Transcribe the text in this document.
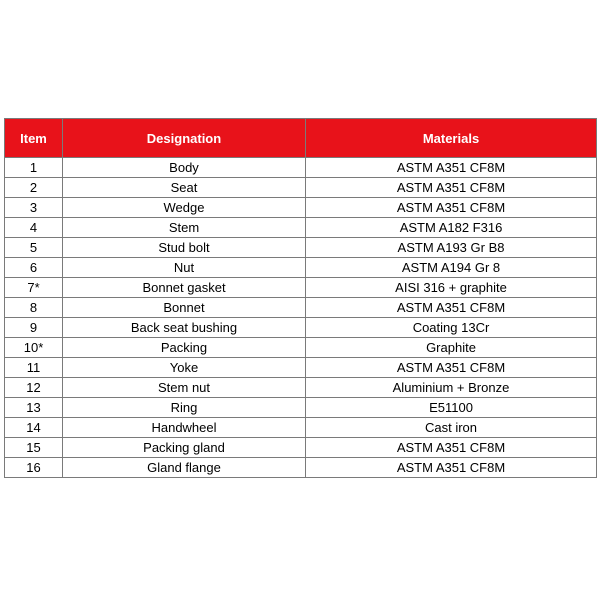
Item	Designation	Materials
1	Body	ASTM A351 CF8M
2	Seat	ASTM A351 CF8M
3	Wedge	ASTM A351 CF8M
4	Stem	ASTM A182 F316
5	Stud bolt	ASTM A193 Gr B8
6	Nut	ASTM A194 Gr 8
7*	Bonnet gasket	AISI 316 + graphite
8	Bonnet	ASTM A351 CF8M
9	Back seat bushing	Coating 13Cr
10*	Packing	Graphite
11	Yoke	ASTM A351 CF8M
12	Stem nut	Aluminium + Bronze
13	Ring	E51100
14	Handwheel	Cast iron
15	Packing gland	ASTM A351 CF8M
16	Gland flange	ASTM A351 CF8M
